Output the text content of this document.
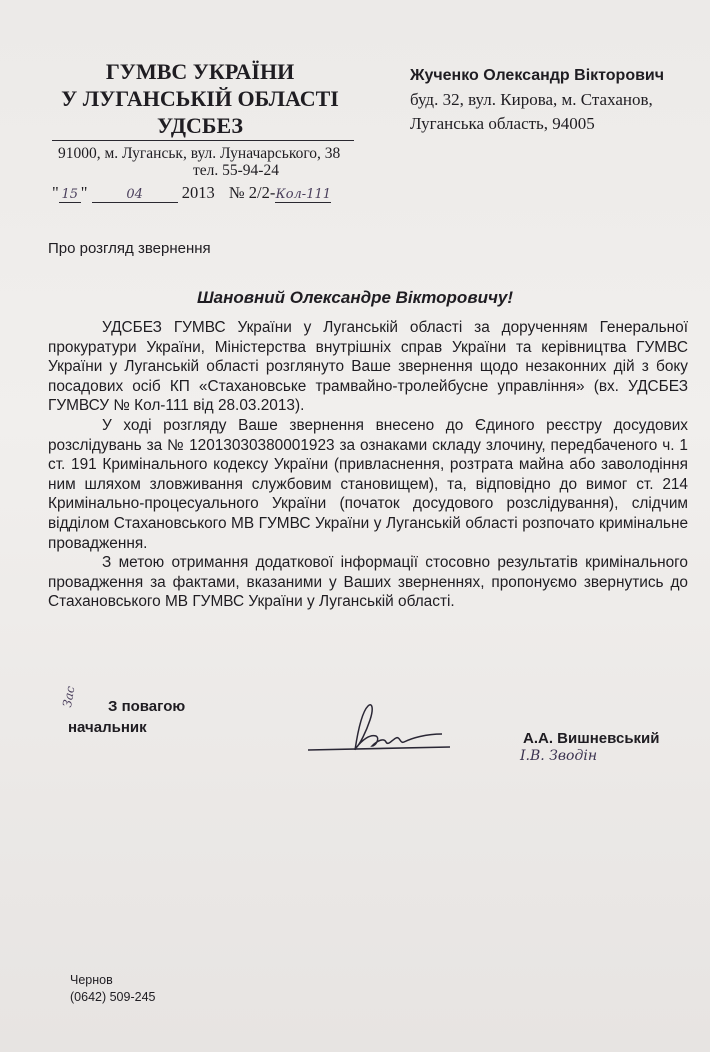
ГУМВС УКРАЇНИ
У ЛУГАНСЬКІЙ ОБЛАСТІ
УДСБЕЗ
91000, м. Луганськ, вул. Луначарського, 38
тел. 55-94-24
" 15 "	04 2013 № 2/2-Кол-111
Жученко Олександр Вікторович
буд. 32, вул. Кирова, м. Стаханов,
Луганська область, 94005
Про розгляд звернення
Шановний Олександре Вікторовичу!

УДСБЕЗ ГУМВС України у Луганській області за дорученням Генеральної прокуратури України, Міністерства внутрішніх справ України та керівництва ГУМВС України у Луганській області розглянуто Ваше звернення щодо незаконних дій з боку посадових осіб КП «Стахановське трамвайно-тролейбусне управління» (вх. УДСБЕЗ ГУМВСУ № Кол-111 від 28.03.2013).

У ході розгляду Ваше звернення внесено до Єдиного реєстру досудових розслідувань за № 12013030380001923 за ознаками складу злочину, передбаченого ч. 1 ст. 191 Кримінального кодексу України (привласнення, розтрата майна або заволодіння ним шляхом зловживання службовим становищем), та, відповідно до вимог ст. 214 Кримінально-процесуального України (початок досудового розслідування), слідчим відділом Стахановського МВ ГУМВС України у Луганській області розпочато кримінальне провадження.

З метою отримання додаткової інформації стосовно результатів кримінального провадження за фактами, вказаними у Ваших зверненнях, пропонуємо звернутись до Стахановського МВ ГУМВС України у Луганській області.

З повагою
Зас
начальник
А.А. Вишневський
І.В. Зводін
Чернов
(0642) 509-245
